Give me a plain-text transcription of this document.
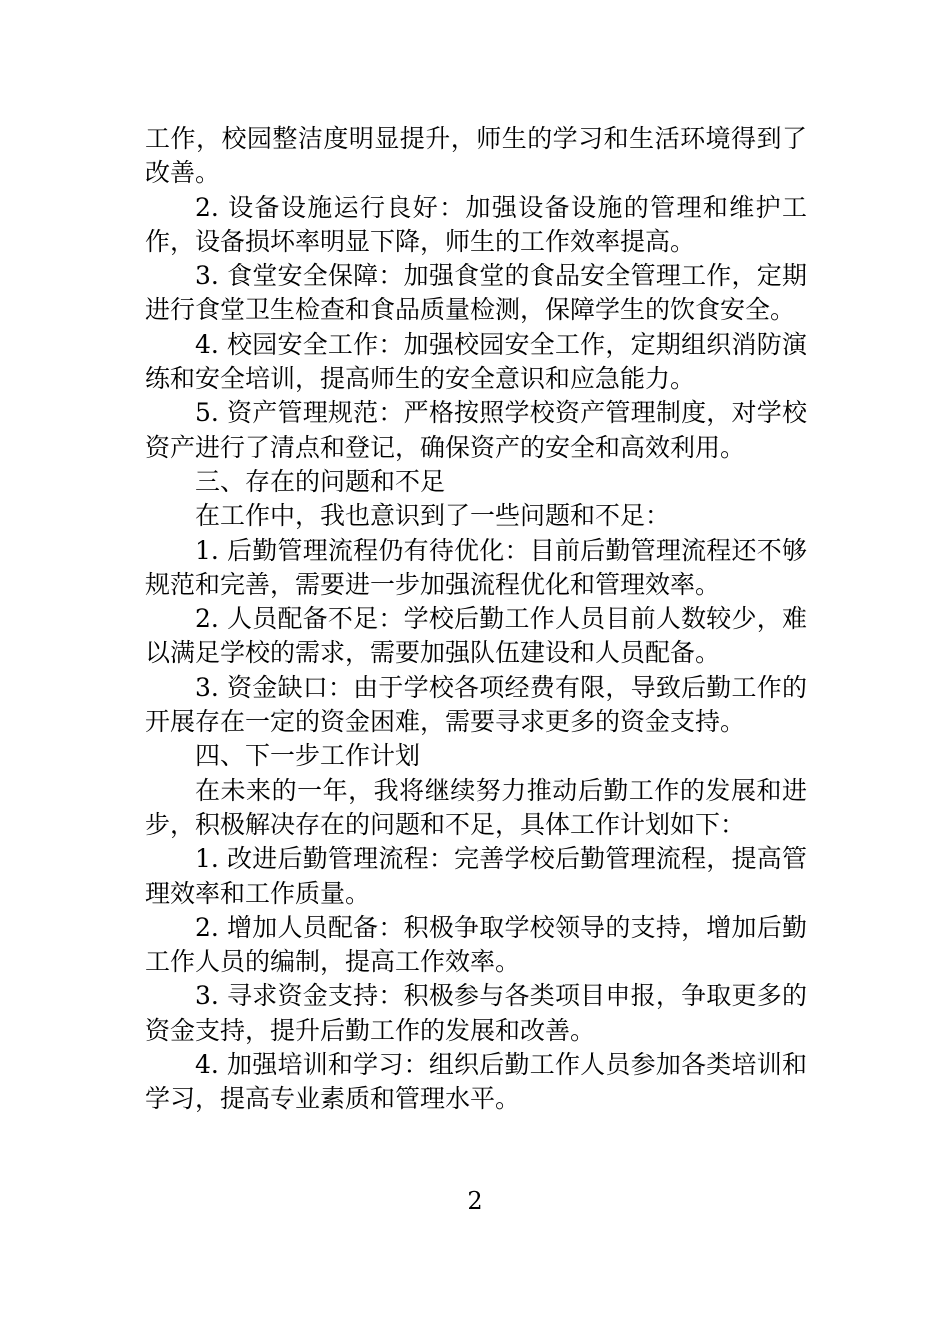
工作，校园整洁度明显提升，师生的学习和生活环境得到了改善。

2. 设备设施运行良好：加强设备设施的管理和维护工作，设备损坏率明显下降，师生的工作效率提高。

3. 食堂安全保障：加强食堂的食品安全管理工作，定期进行食堂卫生检查和食品质量检测，保障学生的饮食安全。

4. 校园安全工作：加强校园安全工作，定期组织消防演练和安全培训，提高师生的安全意识和应急能力。

5. 资产管理规范：严格按照学校资产管理制度，对学校资产进行了清点和登记，确保资产的安全和高效利用。

三、存在的问题和不足

在工作中，我也意识到了一些问题和不足：

1. 后勤管理流程仍有待优化：目前后勤管理流程还不够规范和完善，需要进一步加强流程优化和管理效率。

2. 人员配备不足：学校后勤工作人员目前人数较少，难以满足学校的需求，需要加强队伍建设和人员配备。

3. 资金缺口：由于学校各项经费有限，导致后勤工作的开展存在一定的资金困难，需要寻求更多的资金支持。

四、下一步工作计划

在未来的一年，我将继续努力推动后勤工作的发展和进步，积极解决存在的问题和不足，具体工作计划如下：

1. 改进后勤管理流程：完善学校后勤管理流程，提高管理效率和工作质量。

2. 增加人员配备：积极争取学校领导的支持，增加后勤工作人员的编制，提高工作效率。

3. 寻求资金支持：积极参与各类项目申报，争取更多的资金支持，提升后勤工作的发展和改善。

4. 加强培训和学习：组织后勤工作人员参加各类培训和学习，提高专业素质和管理水平。

2
